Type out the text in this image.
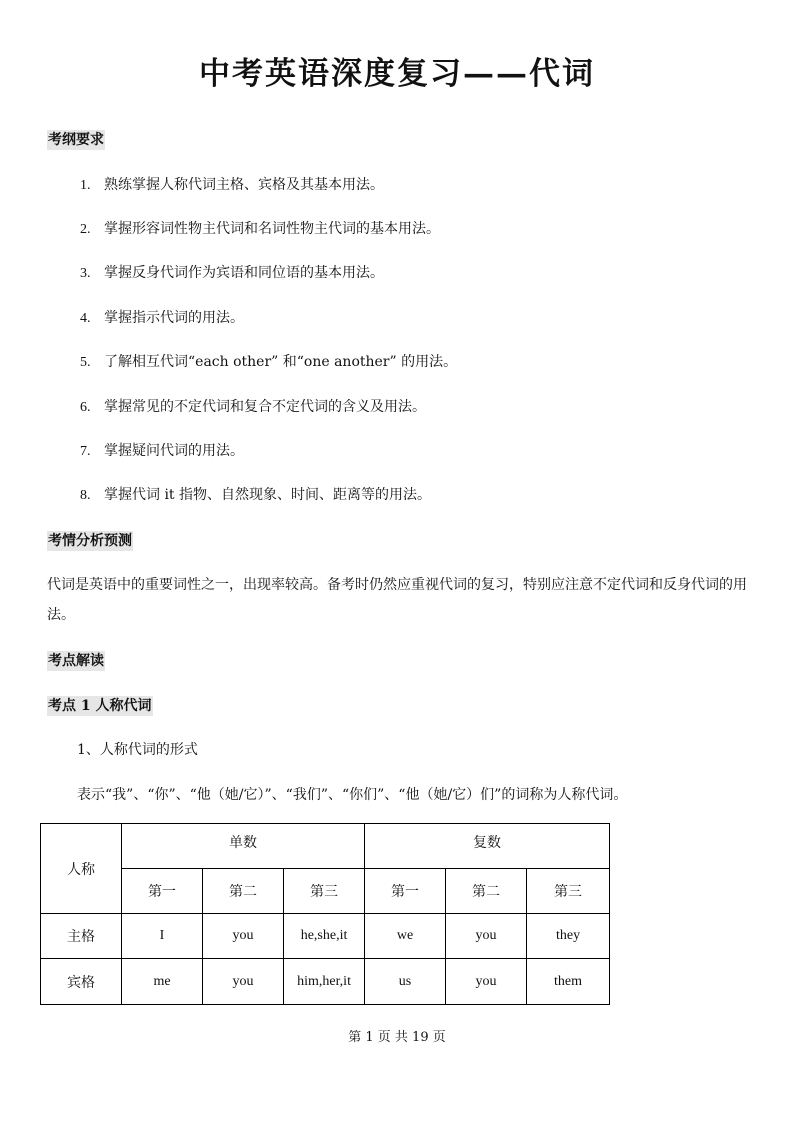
中考英语深度复习——代词
考纲要求
1. 熟练掌握人称代词主格、宾格及其基本用法。
2. 掌握形容词性物主代词和名词性物主代词的基本用法。
3. 掌握反身代词作为宾语和同位语的基本用法。
4. 掌握指示代词的用法。
5. 了解相互代词“each other” 和“one another” 的用法。
6. 掌握常见的不定代词和复合不定代词的含义及用法。
7. 掌握疑问代词的用法。
8. 掌握代词 it 指物、自然现象、时间、距离等的用法。
考情分析预测
代词是英语中的重要词性之一，出现率较高。备考时仍然应重视代词的复习，特别应注意不定代词和反身代词的用法。
考点解读
考点 1 人称代词
1、人称代词的形式
表示“我”、“你”、“他（她/它）”、“我们”、“你们”、“他（她/它）们”的词称为人称代词。
人称	单数			复数		
	第一	第二	第三	第一	第二	第三
主格	I	you	he,she,it	we	you	they
宾格	me	you	him,her,it	us	you	them
第 1 页 共 19 页
